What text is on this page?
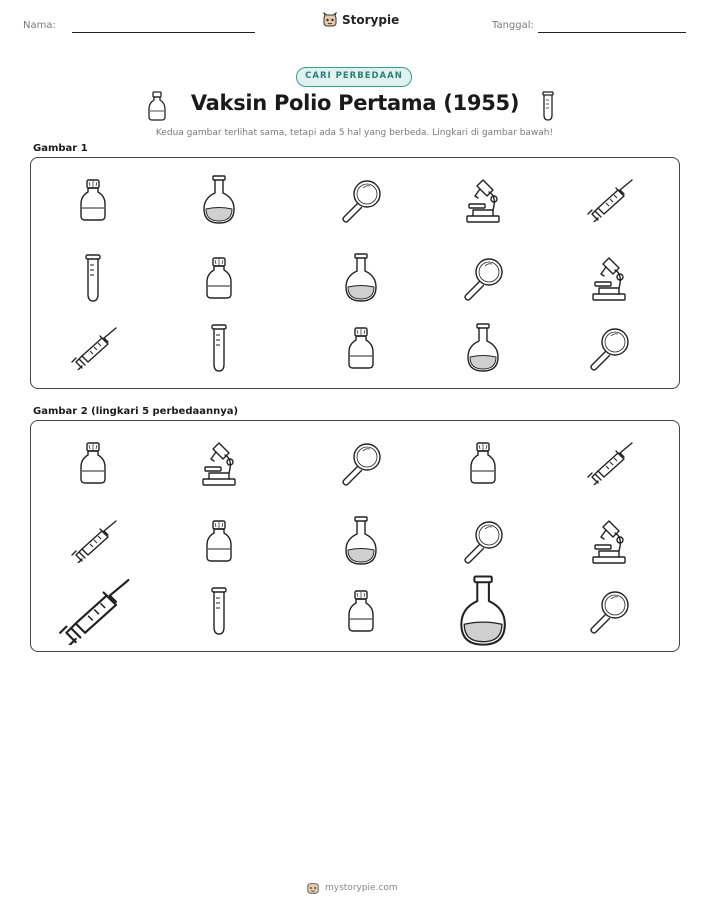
Nama:	Storypie	Tanggal:
CARI PERBEDAAN
Vaksin Polio Pertama (1955)
Kedua gambar terlihat sama, tetapi ada 5 hal yang berbeda. Lingkari di gambar bawah!
Gambar 1
Gambar 2 (lingkari 5 perbedaannya)
mystorypie.com
